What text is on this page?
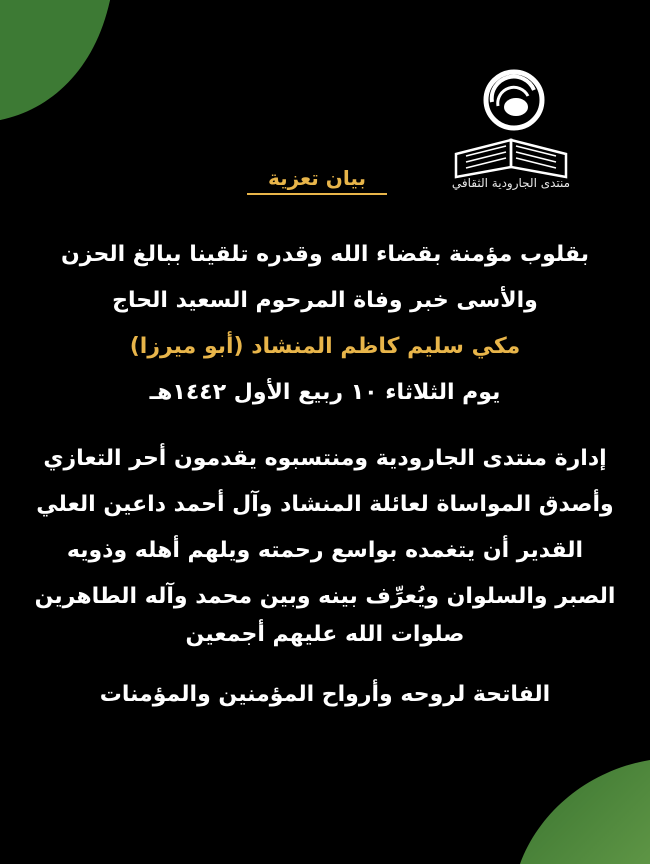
منتدى الجارودية الثقافي
بيان تعزية
بقلوب مؤمنة بقضاء الله وقدره تلقينا ببالغ الحزن
والأسى خبر وفاة المرحوم السعيد الحاج
مكي سليم كاظم المنشاد (أبو ميرزا)
يوم الثلاثاء ١٠ ربيع الأول ١٤٤٢هـ
إدارة منتدى الجارودية ومنتسبوه يقدمون أحر التعازي
وأصدق المواساة لعائلة المنشاد وآل أحمد داعين العلي
القدير أن يتغمده بواسع رحمته ويلهم أهله وذويه
الصبر والسلوان ويُعرِّف بينه وبين محمد وآله الطاهرين
صلوات الله عليهم أجمعين
الفاتحة لروحه وأرواح المؤمنين والمؤمنات
